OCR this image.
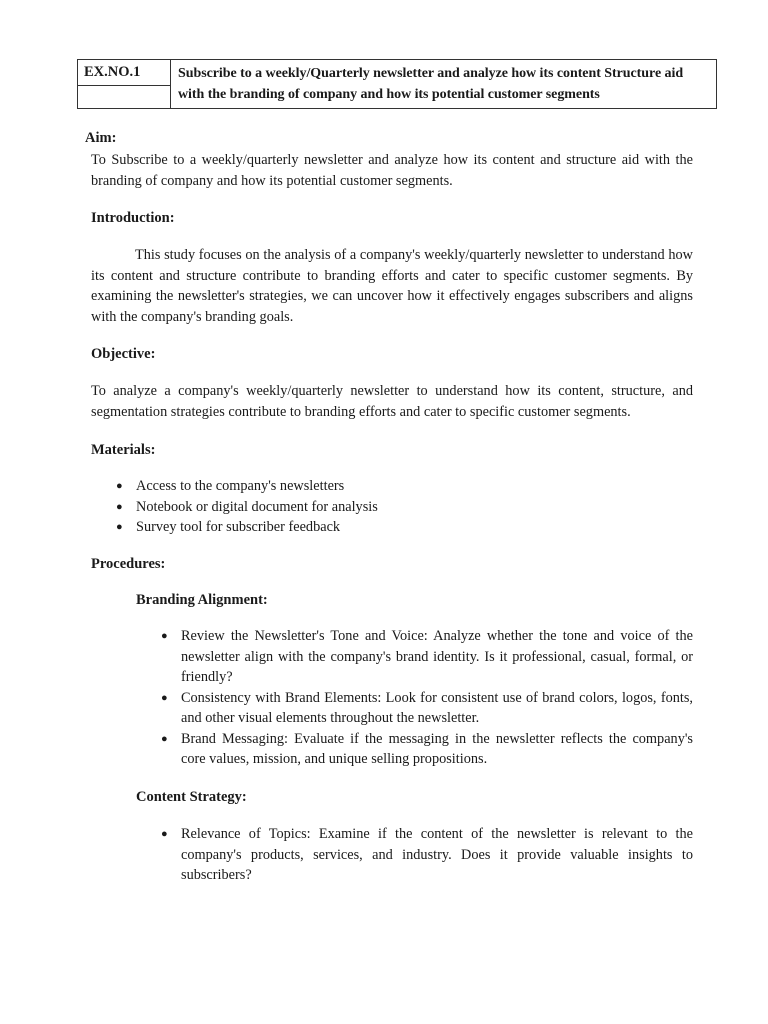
EX.NO.1	Subscribe to a weekly/Quarterly newsletter and analyze how its content Structure aid with the branding of company and how its potential customer segments

Aim:

To Subscribe to a weekly/quarterly newsletter and analyze how its content and structure aid with the branding of company and how its potential customer segments.

Introduction:

This study focuses on the analysis of a company's weekly/quarterly newsletter to understand how its content and structure contribute to branding efforts and cater to specific customer segments. By examining the newsletter's strategies, we can uncover how it effectively engages subscribers and aligns with the company's branding goals.

Objective:

To analyze a company's weekly/quarterly newsletter to understand how its content, structure, and segmentation strategies contribute to branding efforts and cater to specific customer segments.

Materials:

● Access to the company's newsletters
● Notebook or digital document for analysis
● Survey tool for subscriber feedback

Procedures:

Branding Alignment:

● Review the Newsletter's Tone and Voice: Analyze whether the tone and voice of the newsletter align with the company's brand identity. Is it professional, casual, formal, or friendly?
● Consistency with Brand Elements: Look for consistent use of brand colors, logos, fonts, and other visual elements throughout the newsletter.
● Brand Messaging: Evaluate if the messaging in the newsletter reflects the company's core values, mission, and unique selling propositions.

Content Strategy:

● Relevance of Topics: Examine if the content of the newsletter is relevant to the company's products, services, and industry. Does it provide valuable insights to subscribers?
